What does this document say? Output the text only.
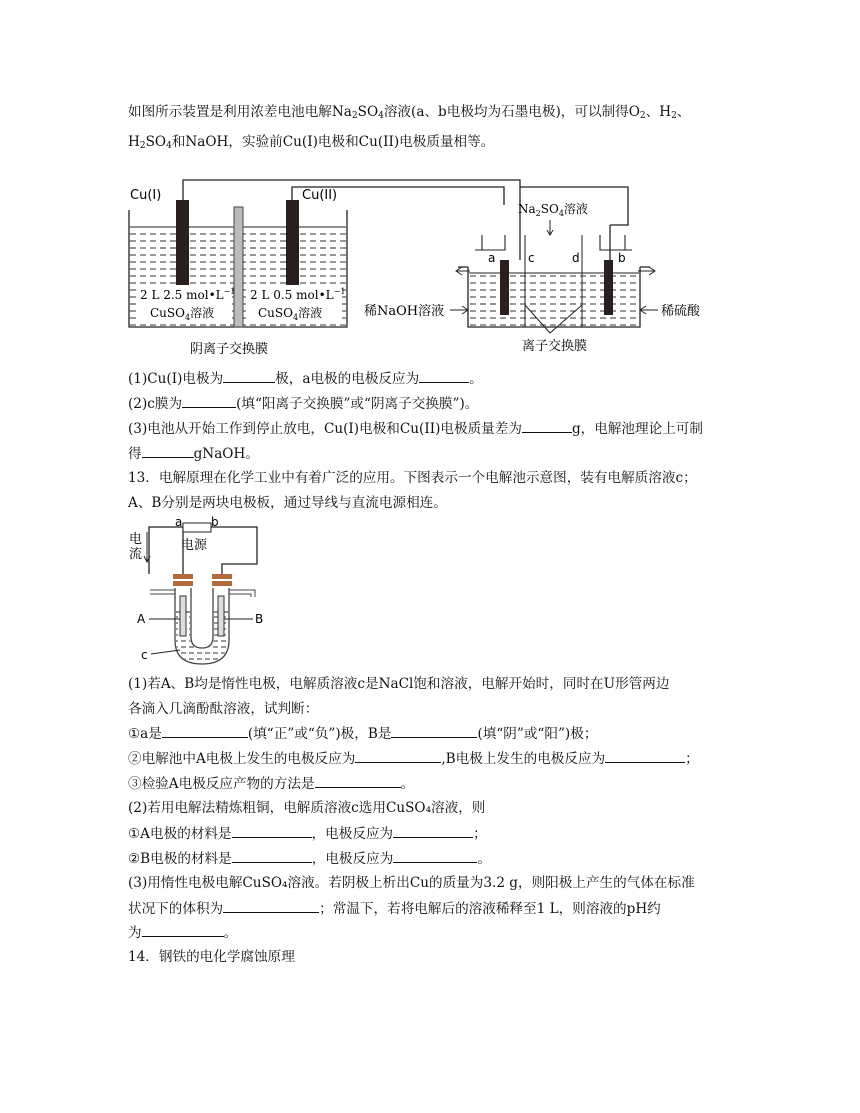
如图所示装置是利用浓差电池电解$Na_2SO_4$溶液(a、b电极均为石墨电极)，可以制得$O_2$、$H_2$、
$H_2SO_4$和NaOH，实验前Cu(I)电极和Cu(II)电极质量相等。
Cu(I)	Cu(II)
2 L 2.5 $mol•L^{-1}$
CuSO$_4$溶液
2 L 0.5 $mol•L^{-1}$
CuSO$_4$溶液
阴离子交换膜
$Na_2SO_4$溶液
a	c	d	b
稀NaOH溶液	稀硫酸
离子交换膜
(1)Cu(I)电极为	极，a电极的电极反应为	。
(2)c膜为	(填“阳离子交换膜”或“阴离子交换膜”)。
(3)电池从开始工作到停止放电，Cu(I)电极和Cu(II)电极质量差为	g，电解池理论上可制
得	gNaOH。
13．电解原理在化学工业中有着广泛的应用。下图表示一个电解池示意图，装有电解质溶液c；
A、B分别是两块电极板，通过导线与直流电源相连。
a b
电源
电
流
A	B
c
(1)若A、B均是惰性电极，电解质溶液c是NaCl饱和溶液，电解开始时，同时在U形管两边
各滴入几滴酚酞溶液，试判断：
①a是	(填“正”或“负”)极，B是	(填“阴”或“阳”)极；
②电解池中A电极上发生的电极反应为	,B电极上发生的电极反应为	；
③检验A电极反应产物的方法是	。
(2)若用电解法精炼粗铜，电解质溶液c选用CuSO₄溶液，则
①A电极的材料是	，电极反应为	；
②B电极的材料是	，电极反应为	。
(3)用惰性电极电解CuSO₄溶液。若阴极上析出Cu的质量为3.2 g，则阳极上产生的气体在标准
状况下的体积为	；常温下，若将电解后的溶液稀释至1 L，则溶液的pH约
为	。
14．钢铁的电化学腐蚀原理
